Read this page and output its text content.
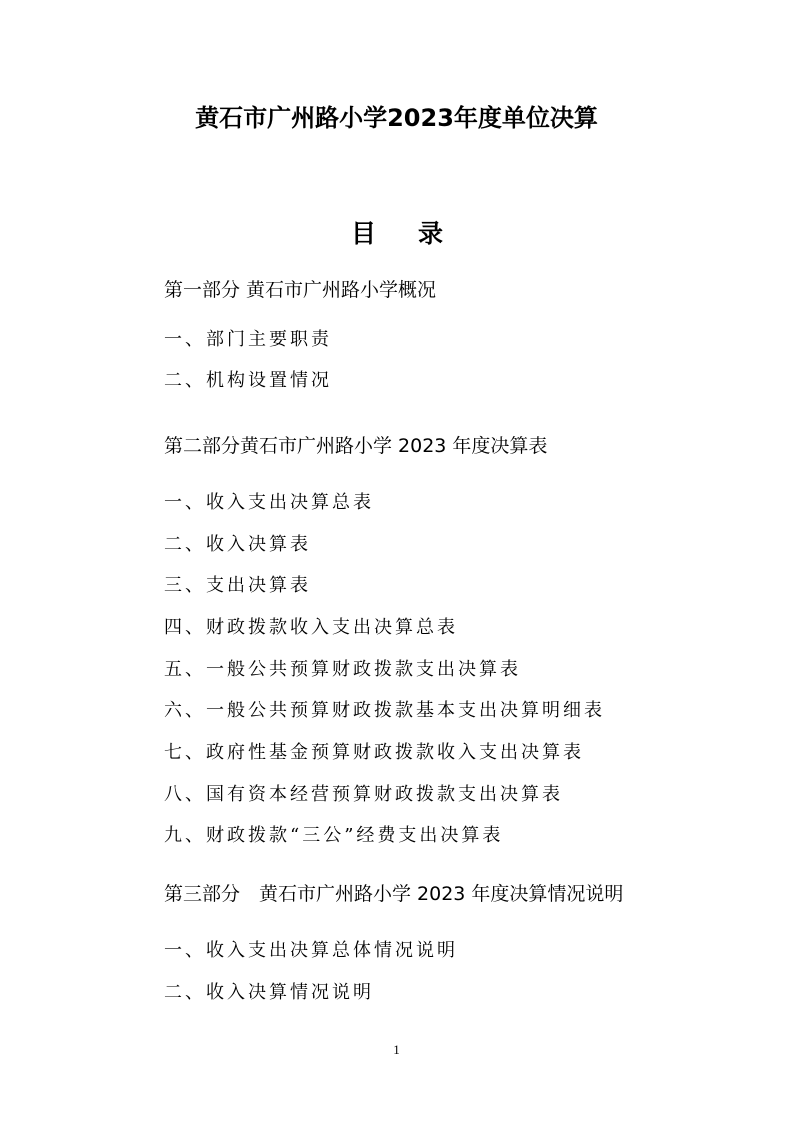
黄石市广州路小学2023年度单位决算
目录
第一部分 黄石市广州路小学概况
一、部门主要职责
二、机构设置情况
第二部分黄石市广州路小学 2023 年度决算表
一、收入支出决算总表
二、收入决算表
三、支出决算表
四、财政拨款收入支出决算总表
五、一般公共预算财政拨款支出决算表
六、一般公共预算财政拨款基本支出决算明细表
七、政府性基金预算财政拨款收入支出决算表
八、国有资本经营预算财政拨款支出决算表
九、财政拨款“三公”经费支出决算表
第三部分　黄石市广州路小学 2023 年度决算情况说明
一、收入支出决算总体情况说明
二、收入决算情况说明
1
